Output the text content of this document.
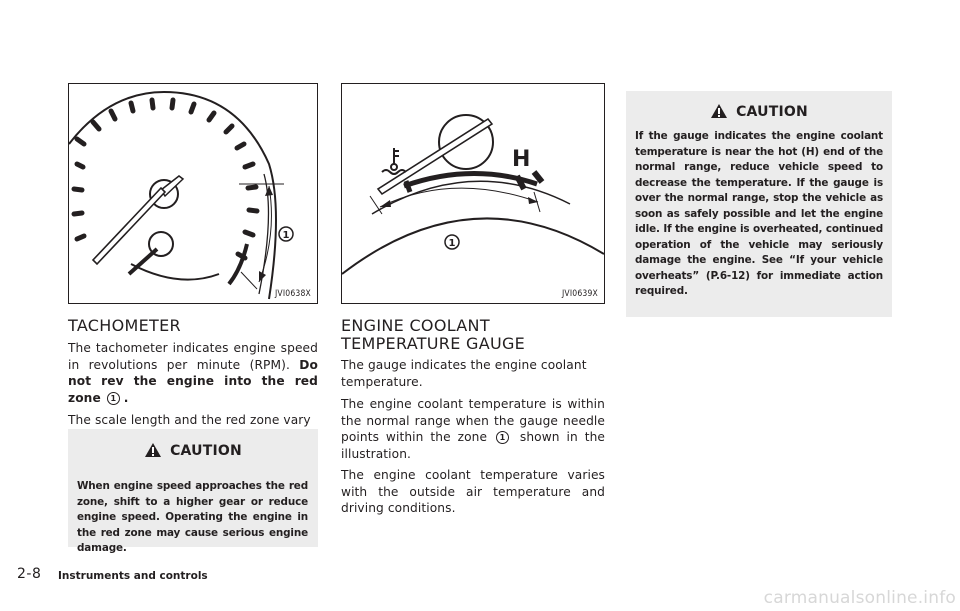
1
JVI0638X
TACHOMETER

The tachometer indicates engine speed in revolutions per minute (RPM). Do not rev the engine into the red zone 1 .

The scale length and the red zone vary

CAUTION
When engine speed approaches the red zone, shift to a higher gear or reduce engine speed. Operating the engine in the red zone may cause serious engine damage.
H
1
JVI0639X
ENGINE COOLANT TEMPERATURE GAUGE

The gauge indicates the engine coolant temperature.

The engine coolant temperature is within the normal range when the gauge needle points within the zone 1 shown in the illustration.

The engine coolant temperature varies with the outside air temperature and driving conditions.

CAUTION
If the gauge indicates the engine coolant temperature is near the hot (H) end of the normal range, reduce vehicle speed to decrease the temperature. If the gauge is over the normal range, stop the vehicle as soon as safely possible and let the engine idle. If the engine is overheated, continued operation of the vehicle may seriously damage the engine. See “If your vehicle overheats” (P.6-12) for immediate action required.
2-8 Instruments and controls
carmanualsonline.info
